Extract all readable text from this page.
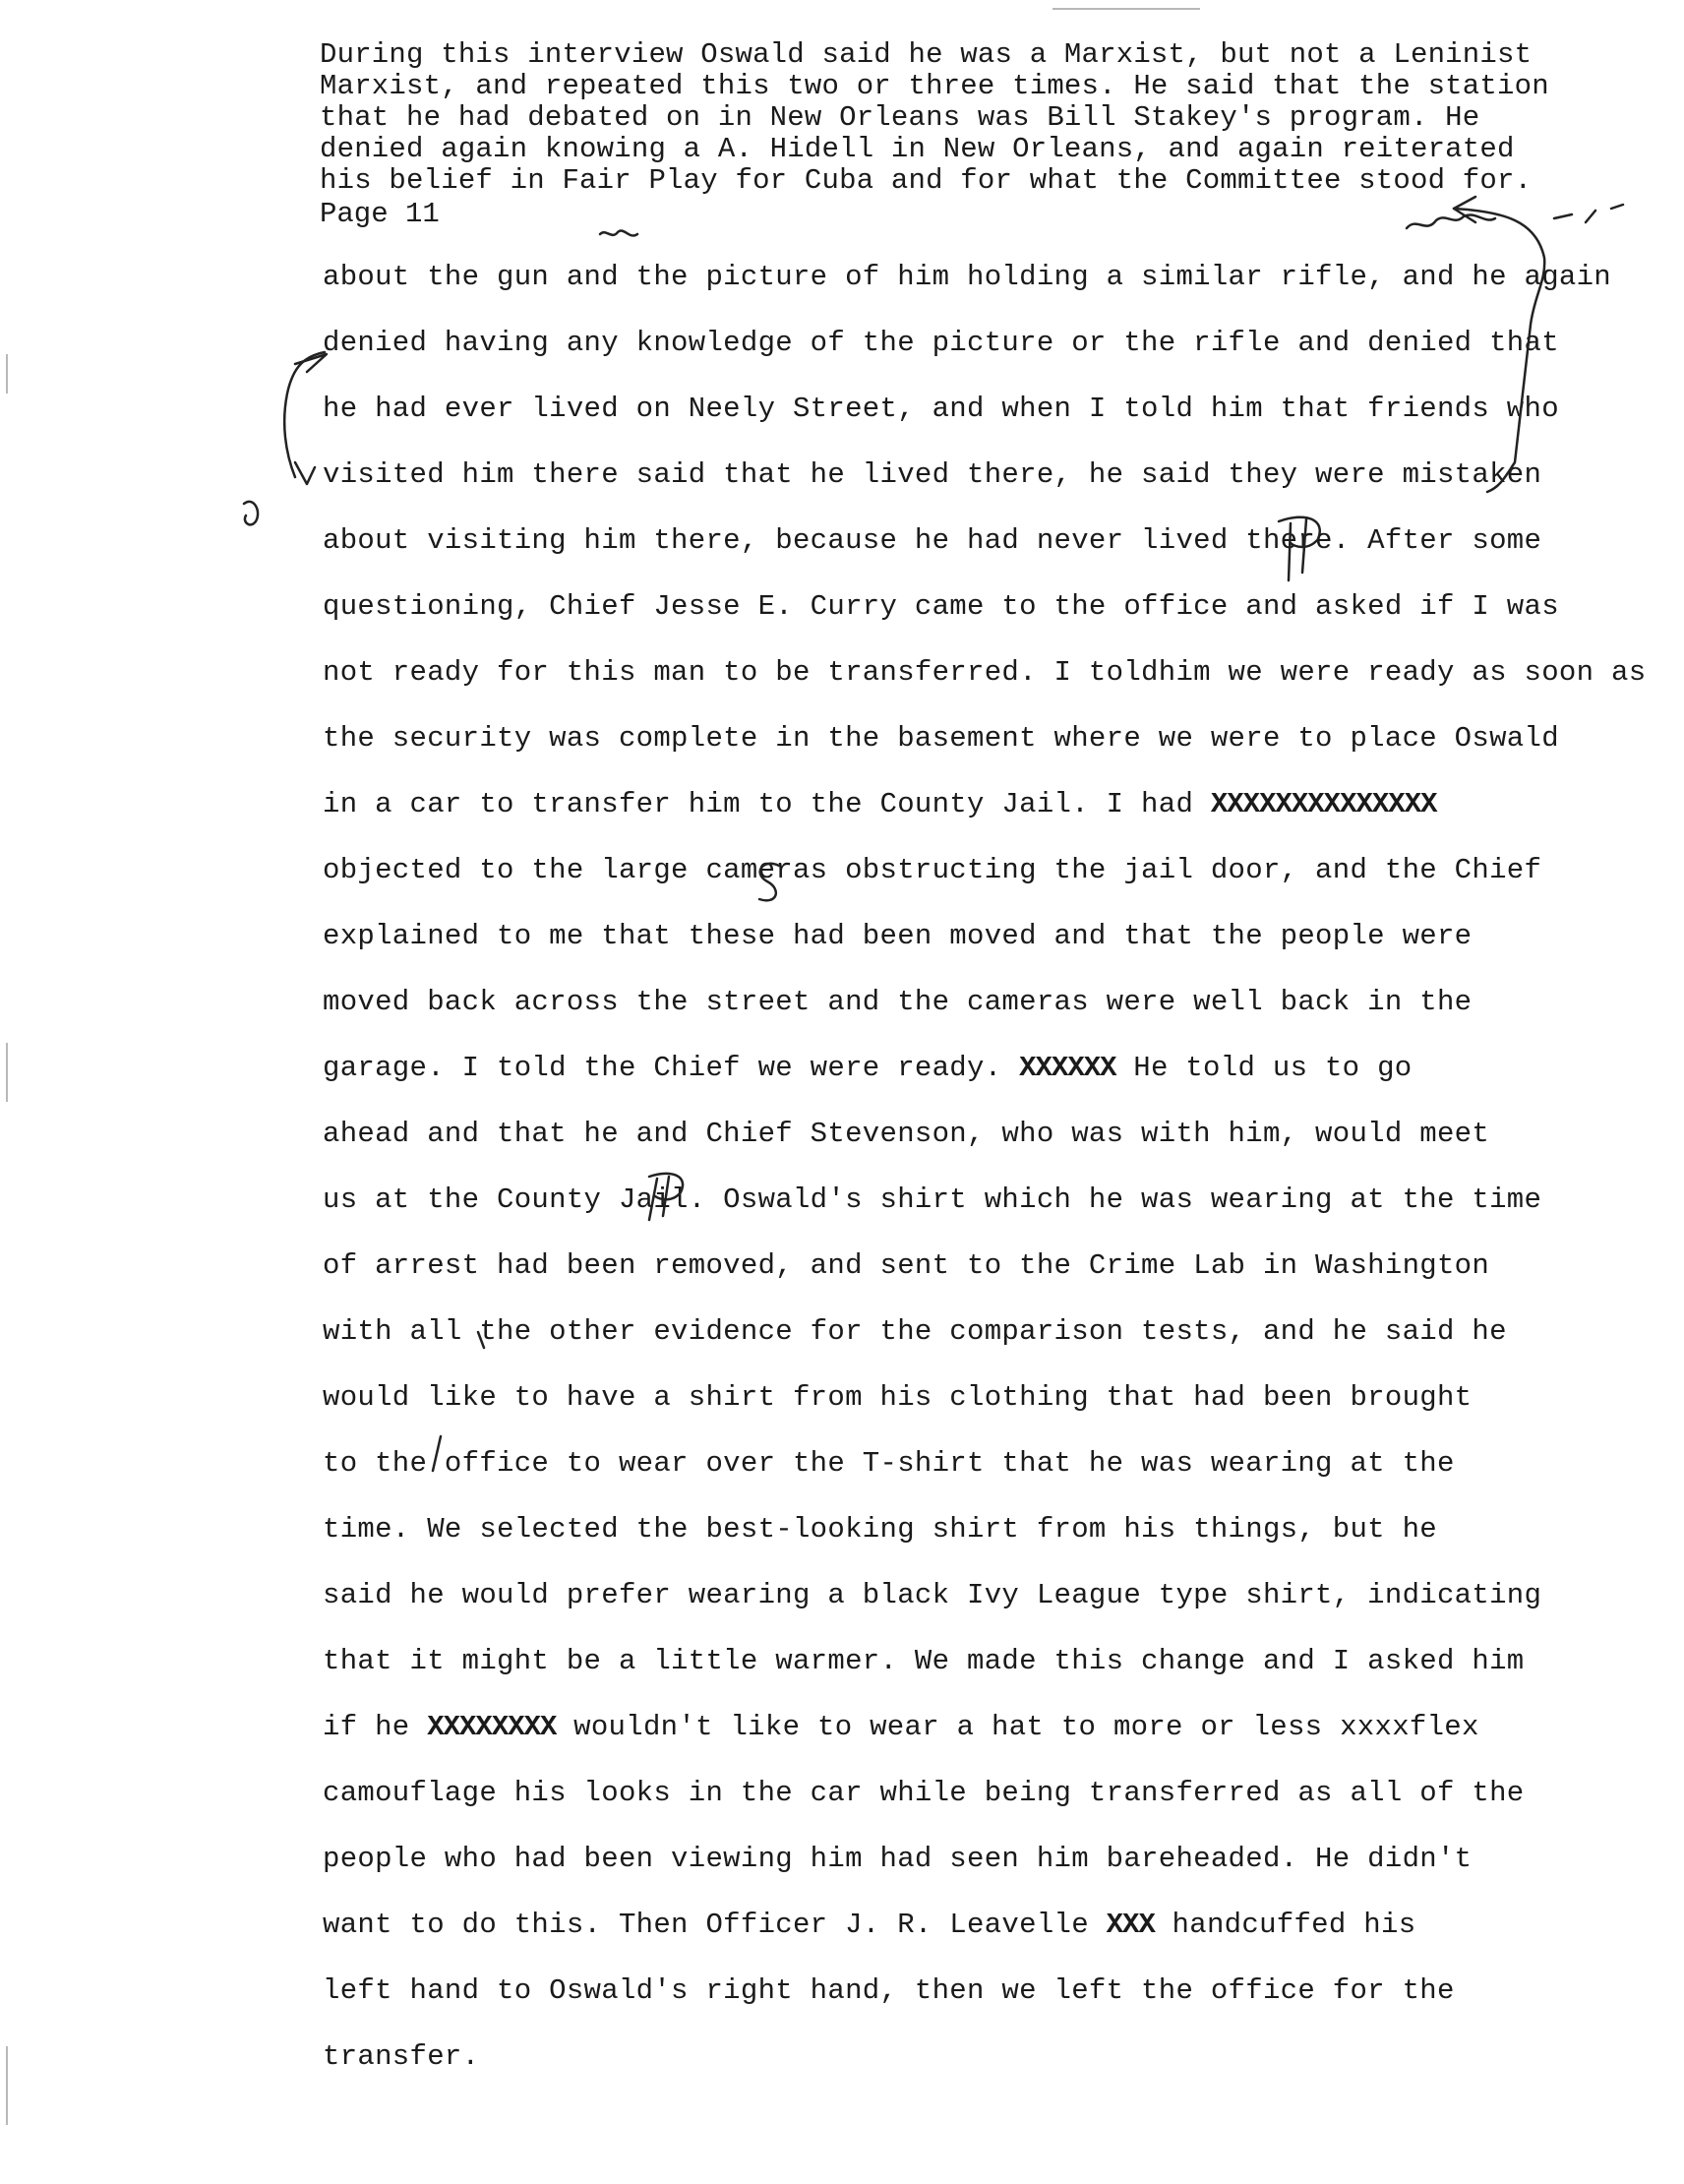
During this interview Oswald said he was a Marxist, but not a Leninist
Marxist, and repeated this two or three times. He said that the station
that he had debated on in New Orleans was Bill Stakey's program. He
denied again knowing a A. Hidell in New Orleans, and again reiterated
his belief in Fair Play for Cuba and for what the Committee stood for.
Page 11
about the gun and the picture of him holding a similar rifle, and he again
denied having any knowledge of the picture or the rifle and denied that
he had ever lived on Neely Street, and when I told him that friends who
visited him there said that he lived there, he said they were mistaken
about visiting him there, because he had never lived there. After some
questioning, Chief Jesse E. Curry came to the office and asked if I was
not ready for this man to be transferred. I toldhim we were ready as soon as
the security was complete in the basement where we were to place Oswald
in a car to transfer him to the County Jail. I had XXXXXXXXXXXXXX
objected to the large cameras obstructing the jail door, and the Chief
explained to me that these had been moved and that the people were
moved back across the street and the cameras were well back in the
garage. I told the Chief we were ready. XXXXXX He told us to go
ahead and that he and Chief Stevenson, who was with him, would meet
us at the County Jail. Oswald's shirt which he was wearing at the time
of arrest had been removed, and sent to the Crime Lab in Washington
with all the other evidence for the comparison tests, and he said he
would like to have a shirt from his clothing that had been brought
to the office to wear over the T-shirt that he was wearing at the
time. We selected the best-looking shirt from his things, but he
said he would prefer wearing a black Ivy League type shirt, indicating
that it might be a little warmer. We made this change and I asked him
if he XXXXXXXX wouldn't like to wear a hat to more or less xxxxflex
camouflage his looks in the car while being transferred as all of the
people who had been viewing him had seen him bareheaded. He didn't
want to do this. Then Officer J. R. Leavelle XXX handcuffed his
left hand to Oswald's right hand, then we left the office for the
transfer.
